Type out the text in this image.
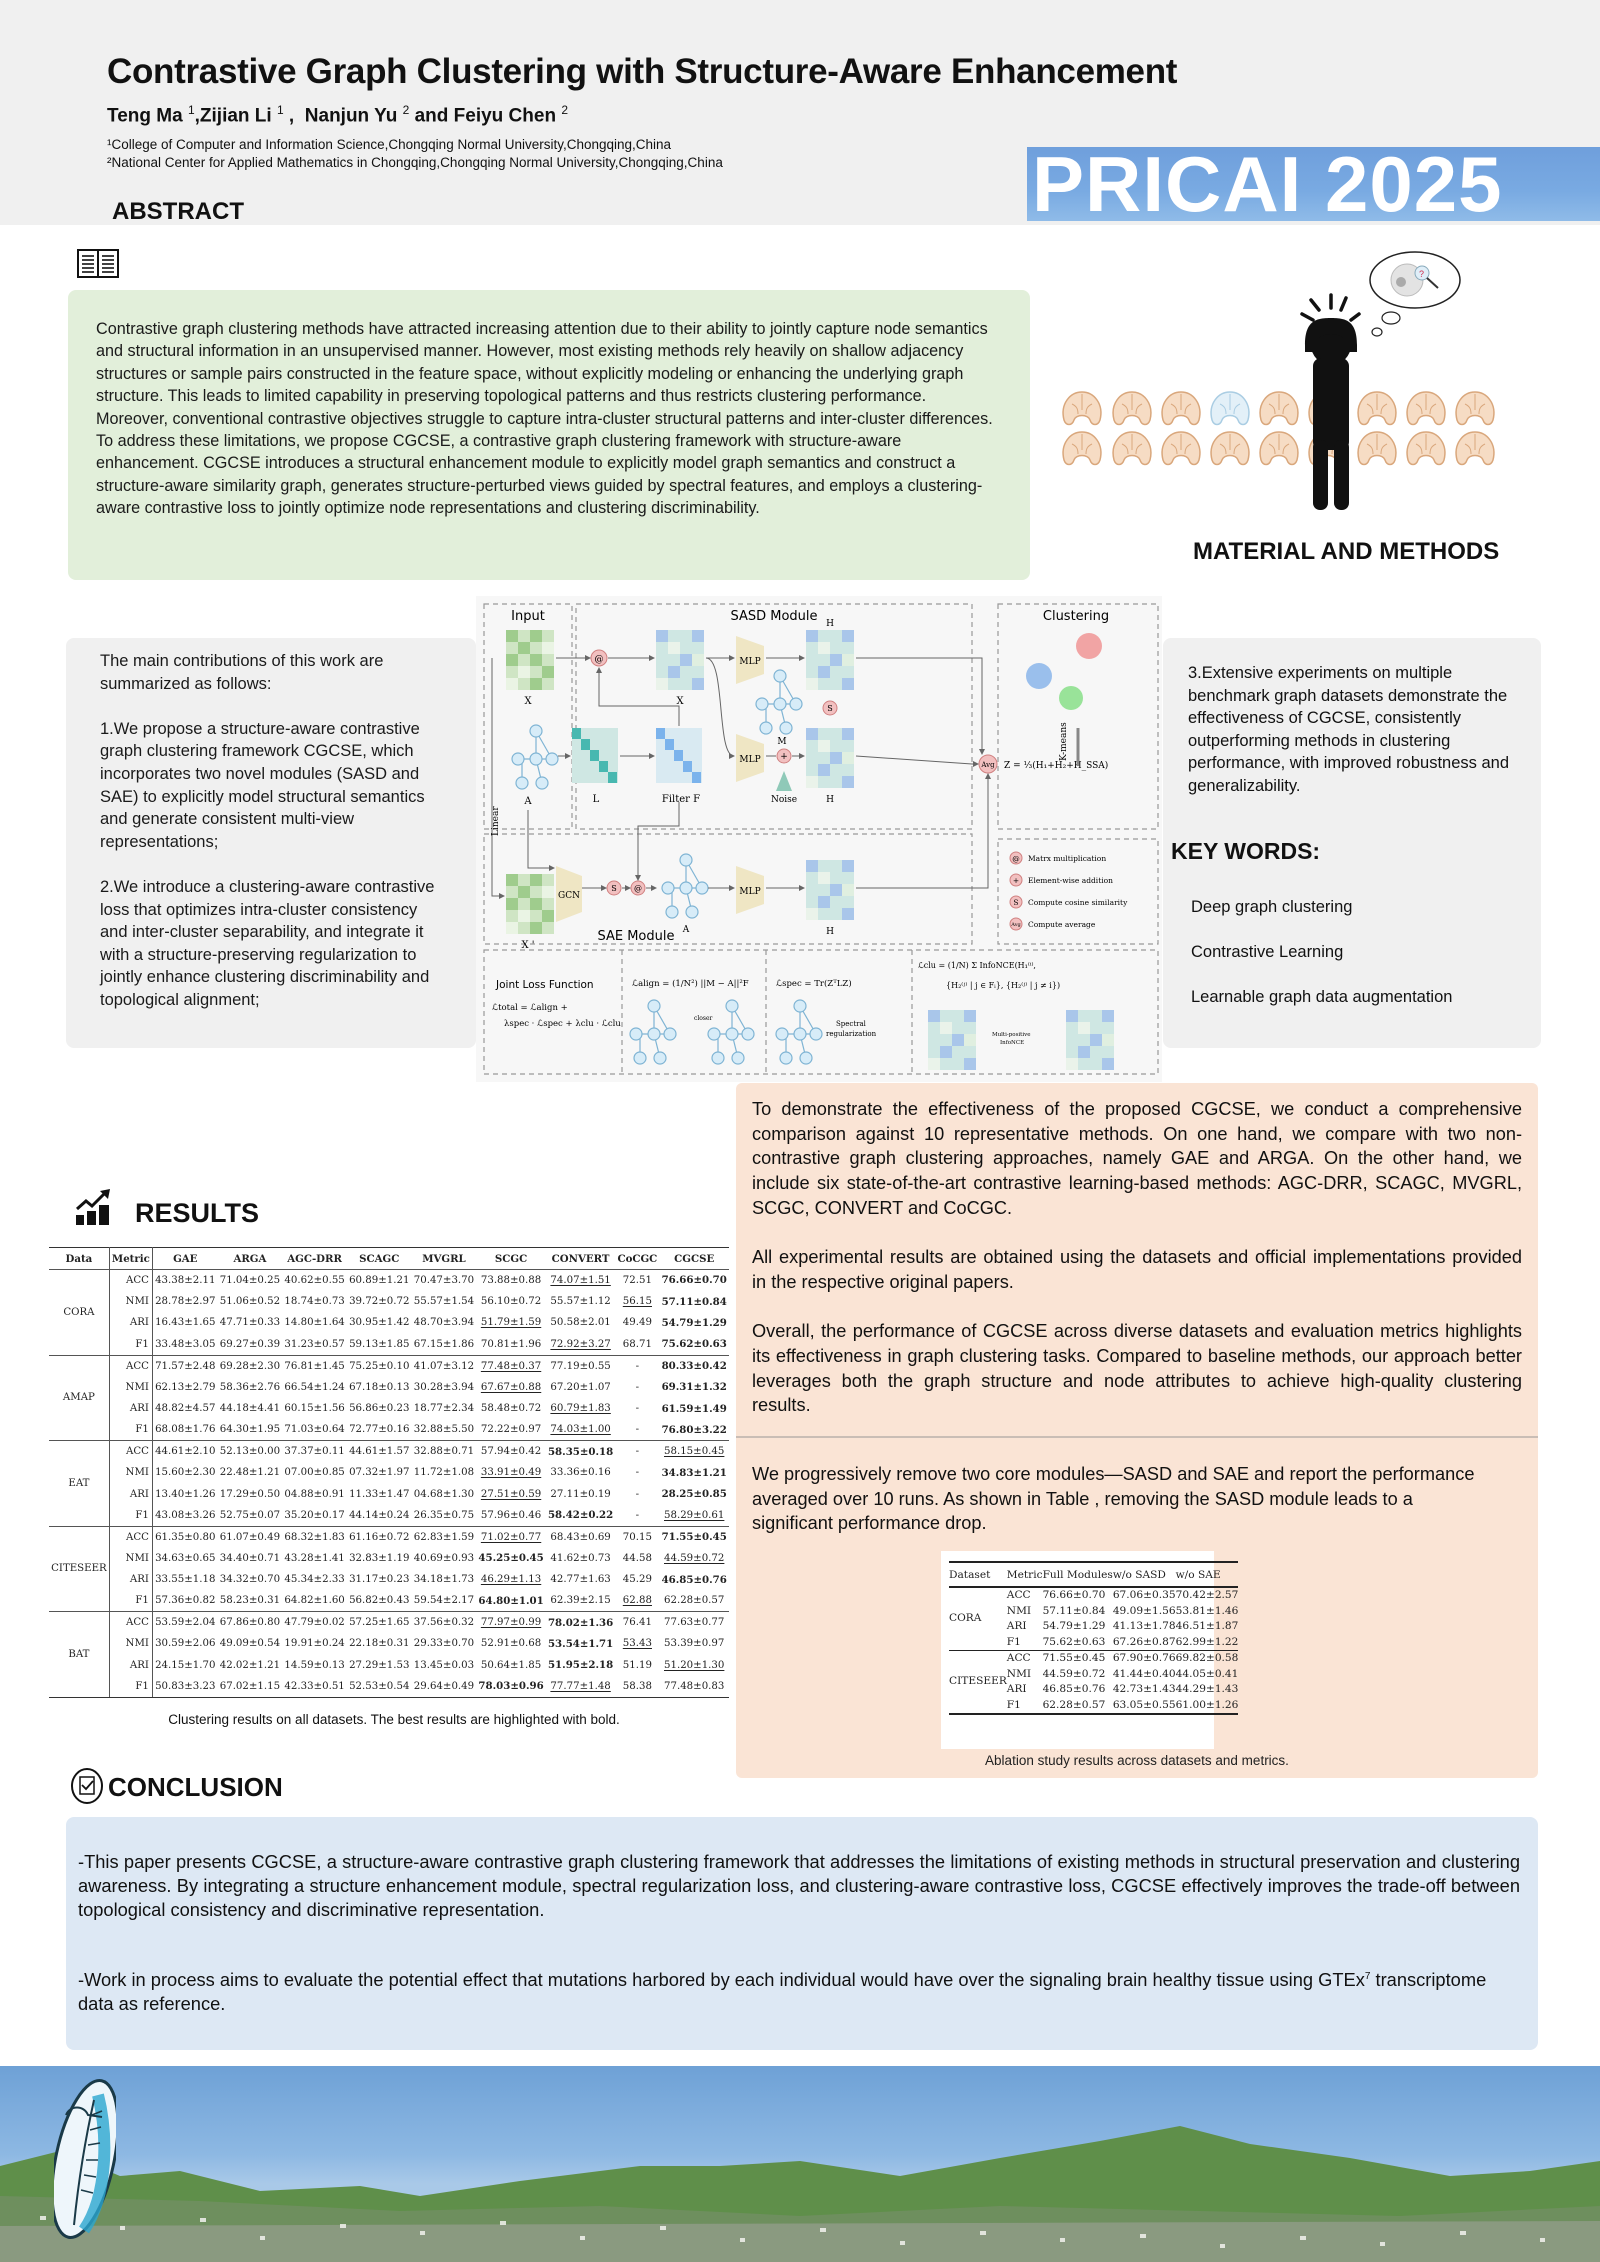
Contrastive Graph Clustering with Structure-Aware Enhancement
Teng Ma $^1$,Zijian Li $^1$ ,  Nanjun Yu $^2$ and Feiyu Chen $^2$
¹College of Computer and Information Science,Chongqing Normal University,Chongqing,China
²National Center for Applied Mathematics in Chongqing,Chongqing Normal University,Chongqing,China	PRICAI 2025
ABSTRACT

Contrastive graph clustering methods have attracted increasing attention due to their ability to jointly capture node semantics and structural information in an unsupervised manner. However, most existing methods rely heavily on shallow adjacency structures or sample pairs constructed in the feature space, without explicitly modeling or enhancing the underlying graph structure. This leads to limited capability in preserving topological patterns and thus restricts clustering performance. Moreover, conventional contrastive objectives struggle to capture intra-cluster structural patterns and inter-cluster differences.

To address these limitations, we propose CGCSE, a contrastive graph clustering framework with structure-aware enhancement. CGCSE introduces a structural enhancement module to explicitly model graph semantics and construct a structure-aware similarity graph, generates structure-perturbed views guided by spectral features, and employs a clustering-aware contrastive loss to jointly optimize node representations and clustering discriminability.

?
MATERIAL AND METHODS

The main contributions of this work are summarized as follows:

1.We propose a structure-aware contrastive graph clustering framework CGCSE, which incorporates two novel modules (SASD and SAE) to explicitly model structural semantics and generate consistent multi-view representations;

2.We introduce a clustering-aware contrastive loss that optimizes intra-cluster consistency and inter-cluster separability, and integrate it with a structure-preserving regularization to jointly enhance clustering discriminability and topological alignment;

Input	SASD Module	Clustering
SAE Module
X
A
X '
@
X
L	Filter F
MLP
MLP
MLP
GCN
H
H
H
+
Noise
M
S
S @
A
Linear
Avg Z = ⅓(H₁+H₂+H_SSA)
K-means
@ Matrx multiplication
+ Element-wise addition
S Compute cosine similarity
Avg Compute average
Joint Loss Function
ℒtotal = ℒalign +
λspec · ℒspec + λclu · ℒclu
ℒalign = (1/N²) ||M − A||²F
closer
ℒspec = Tr(ZᵀLZ)
Spectral
regularization
ℒclu = (1/N) Σ InfoNCE(H₁⁽ⁱ⁾,
{H₂⁽ʲ⁾ | j ∈ Fᵢ}, {H₂⁽ʲ⁾ | j ≠ i})
Multi-positive
InfoNCE
3.Extensive experiments on multiple benchmark graph datasets demonstrate the effectiveness of CGCSE, consistently outperforming methods in clustering performance, with improved robustness and generalizability.
KEY WORDS:
Deep graph clustering
Contrastive Learning
Learnable graph data augmentation
RESULTS
Data	Metric	GAE	ARGA	AGC-DRR	SCAGC	MVGRL	SCGC	CONVERT	CoCGC	CGCSE
CORA	ACC	43.38±2.11	71.04±0.25	40.62±0.55	60.89±1.21	70.47±3.70	73.88±0.88	74.07±1.51	72.51	76.66±0.70
	NMI	28.78±2.97	51.06±0.52	18.74±0.73	39.72±0.72	55.57±1.54	56.10±0.72	55.57±1.12	56.15	57.11±0.84
	ARI	16.43±1.65	47.71±0.33	14.80±1.64	30.95±1.42	48.70±3.94	51.79±1.59	50.58±2.01	49.49	54.79±1.29
	F1	33.48±3.05	69.27±0.39	31.23±0.57	59.13±1.85	67.15±1.86	70.81±1.96	72.92±3.27	68.71	75.62±0.63
AMAP	ACC	71.57±2.48	69.28±2.30	76.81±1.45	75.25±0.10	41.07±3.12	77.48±0.37	77.19±0.55	-	80.33±0.42
	NMI	62.13±2.79	58.36±2.76	66.54±1.24	67.18±0.13	30.28±3.94	67.67±0.88	67.20±1.07	-	69.31±1.32
	ARI	48.82±4.57	44.18±4.41	60.15±1.56	56.86±0.23	18.77±2.34	58.48±0.72	60.79±1.83	-	61.59±1.49
	F1	68.08±1.76	64.30±1.95	71.03±0.64	72.77±0.16	32.88±5.50	72.22±0.97	74.03±1.00	-	76.80±3.22
EAT	ACC	44.61±2.10	52.13±0.00	37.37±0.11	44.61±1.57	32.88±0.71	57.94±0.42	58.35±0.18	-	58.15±0.45
	NMI	15.60±2.30	22.48±1.21	07.00±0.85	07.32±1.97	11.72±1.08	33.91±0.49	33.36±0.16	-	34.83±1.21
	ARI	13.40±1.26	17.29±0.50	04.88±0.91	11.33±1.47	04.68±1.30	27.51±0.59	27.11±0.19	-	28.25±0.85
	F1	43.08±3.26	52.75±0.07	35.20±0.17	44.14±0.24	26.35±0.75	57.96±0.46	58.42±0.22	-	58.29±0.61
CITESEER	ACC	61.35±0.80	61.07±0.49	68.32±1.83	61.16±0.72	62.83±1.59	71.02±0.77	68.43±0.69	70.15	71.55±0.45
	NMI	34.63±0.65	34.40±0.71	43.28±1.41	32.83±1.19	40.69±0.93	45.25±0.45	41.62±0.73	44.58	44.59±0.72
	ARI	33.55±1.18	34.32±0.70	45.34±2.33	31.17±0.23	34.18±1.73	46.29±1.13	42.77±1.63	45.29	46.85±0.76
	F1	57.36±0.82	58.23±0.31	64.82±1.60	56.82±0.43	59.54±2.17	64.80±1.01	62.39±2.15	62.88	62.28±0.57
BAT	ACC	53.59±2.04	67.86±0.80	47.79±0.02	57.25±1.65	37.56±0.32	77.97±0.99	78.02±1.36	76.41	77.63±0.77
	NMI	30.59±2.06	49.09±0.54	19.91±0.24	22.18±0.31	29.33±0.70	52.91±0.68	53.54±1.71	53.43	53.39±0.97
	ARI	24.15±1.70	42.02±1.21	14.59±0.13	27.29±1.53	13.45±0.03	50.64±1.85	51.95±2.18	51.19	51.20±1.30
	F1	50.83±3.23	67.02±1.15	42.33±0.51	52.53±0.54	29.64±0.49	78.03±0.96	77.77±1.48	58.38	77.48±0.83
Clustering results on all datasets. The best results are highlighted with bold.

To demonstrate the effectiveness of the proposed CGCSE, we conduct a comprehensive comparison against 10 representative methods. On one hand, we compare with two non-contrastive graph clustering approaches, namely GAE and ARGA. On the other hand, we include six state-of-the-art contrastive learning-based methods: AGC-DRR, SCAGC, MVGRL, SCGC, CONVERT and CoCGC.

All experimental results are obtained using the datasets and official implementations provided in the respective original papers.

Overall, the performance of CGCSE across diverse datasets and evaluation metrics highlights its effectiveness in graph clustering tasks. Compared to baseline methods, our approach better leverages both the graph structure and node attributes to achieve high-quality clustering results.

We progressively remove two core modules—SASD and SAE and report the performance averaged over 10 runs. As shown in Table , removing the SASD module leads to a significant performance drop.
Dataset	Metric	Full Modules	w/o SASD	w/o SAE
CORA	ACC	76.66±0.70	67.06±0.35	70.42±2.57
	NMI	57.11±0.84	49.09±1.56	53.81±1.46
	ARI	54.79±1.29	41.13±1.78	46.51±1.87
	F1	75.62±0.63	67.26±0.87	62.99±1.22
CITESEER	ACC	71.55±0.45	67.90±0.76	69.82±0.58
	NMI	44.59±0.72	41.44±0.40	44.05±0.41
	ARI	46.85±0.76	42.73±1.43	44.29±1.43
	F1	62.28±0.57	63.05±0.55	61.00±1.26
Ablation study results across datasets and metrics.
CONCLUSION
-This paper presents CGCSE, a structure-aware contrastive graph clustering framework that addresses the limitations of existing methods in structural preservation and clustering awareness. By integrating a structure enhancement module, spectral regularization loss, and clustering-aware contrastive loss, CGCSE effectively improves the trade-off between topological consistency and discriminative representation.
-Work in process aims to evaluate the potential effect that mutations harbored by each individual would have over the signaling brain healthy tissue using GTEx$^7$ transcriptome data as reference.
